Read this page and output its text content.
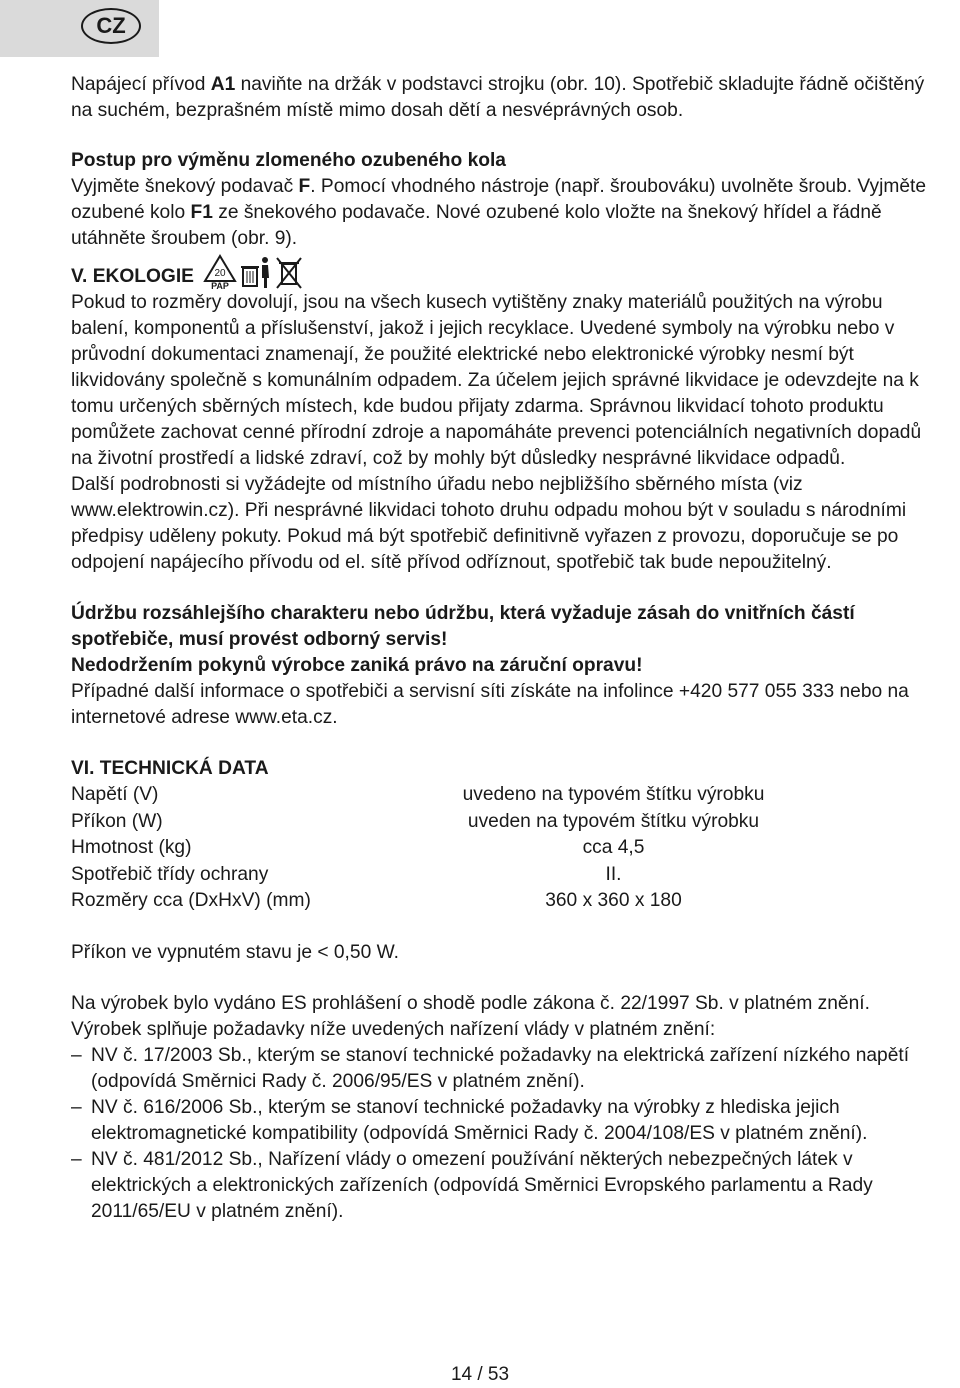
CZ

Napájecí přívod A1 naviňte na držák v podstavci strojku (obr. 10). Spotřebič skladujte řádně očištěný na suchém, bezprašném místě mimo dosah dětí a nesvéprávných osob.

Postup pro výměnu zlomeného ozubeného kola

Vyjměte šnekový podavač F. Pomocí vhodného nástroje (např. šroubováku) uvolněte šroub. Vyjměte ozubené kolo F1 ze šnekového podavače. Nové ozubené kolo vložte na šnekový hřídel a řádně utáhněte šroubem (obr. 9).

V. EKOLOGIE 20
PAP

Pokud to rozměry dovolují, jsou na všech kusech vytištěny znaky materiálů použitých na výrobu balení, komponentů a příslušenství, jakož i jejich recyklace. Uvedené symboly na výrobku nebo v průvodní dokumentaci znamenají, že použité elektrické nebo elektronické výrobky nesmí být likvidovány společně s komunálním odpadem. Za účelem jejich správné likvidace je odevzdejte na k tomu určených sběrných místech, kde budou přijaty zdarma. Správnou likvidací tohoto produktu pomůžete zachovat cenné přírodní zdroje a napomáháte prevenci potenciálních negativních dopadů na životní prostředí a lidské zdraví, což by mohly být důsledky nesprávné likvidace odpadů.

Další podrobnosti si vyžádejte od místního úřadu nebo nejbližšího sběrného místa (viz www.elektrowin.cz). Při nesprávné likvidaci tohoto druhu odpadu mohou být v souladu s národními předpisy uděleny pokuty. Pokud má být spotřebič definitivně vyřazen z provozu, doporučuje se po odpojení napájecího přívodu od el. sítě přívod odříznout, spotřebič tak bude nepoužitelný.

Údržbu rozsáhlejšího charakteru nebo údržbu, která vyžaduje zásah do vnitřních částí spotřebiče, musí provést odborný servis!

Nedodržením pokynů výrobce zaniká právo na záruční opravu!

Případné další informace o spotřebiči a servisní síti získáte na infolince +420 577 055 333 nebo na internetové adrese www.eta.cz.

VI. TECHNICKÁ DATA

Napětí (V)	uvedeno na typovém štítku výrobku
Příkon (W)	uveden na typovém štítku výrobku
Hmotnost (kg)	cca 4,5
Spotřebič třídy ochrany	II.
Rozměry cca (DxHxV) (mm)	360 x 360 x 180

Příkon ve vypnutém stavu je < 0,50 W.

Na výrobek bylo vydáno ES prohlášení o shodě podle zákona č. 22/1997 Sb. v platném znění. Výrobek splňuje požadavky níže uvedených nařízení vlády v platném znění:

– NV č. 17/2003 Sb., kterým se stanoví technické požadavky na elektrická zařízení nízkého napětí (odpovídá Směrnici Rady č. 2006/95/ES v platném znění).
– NV č. 616/2006 Sb., kterým se stanoví technické požadavky na výrobky z hlediska jejich elektromagnetické kompatibility (odpovídá Směrnici Rady č. 2004/108/ES v platném znění).
– NV č. 481/2012 Sb., Nařízení vlády o omezení používání některých nebezpečných látek v elektrických a elektronických zařízeních (odpovídá Směrnici Evropského parlamentu a Rady 2011/65/EU v platném znění).
14 / 53
